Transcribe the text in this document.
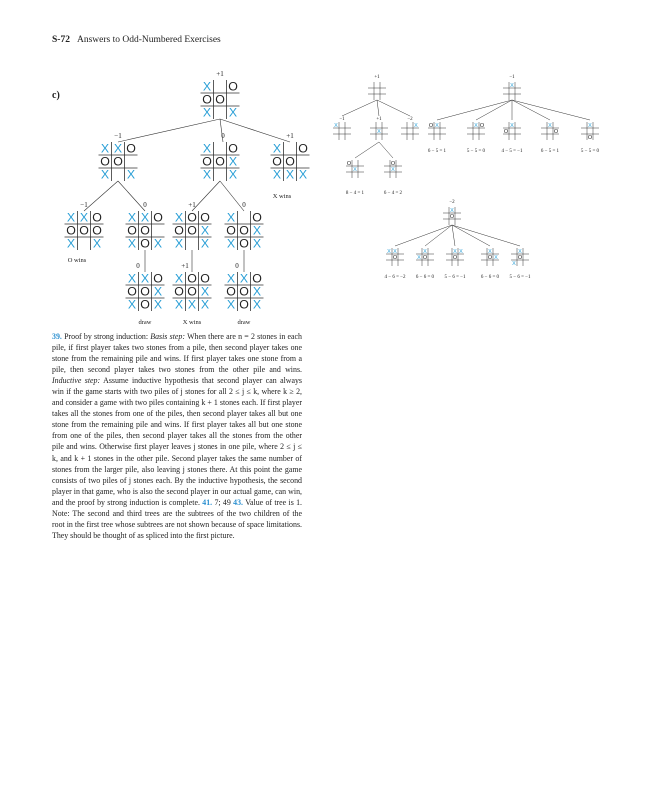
S-72 Answers to Odd-Numbered Exercises
c)
X O
O O
X X
X X O
O O
X X
X O
O O X
X X
X O
O O
X X X
X X O
O O O
X X
X X O
O O
X O X
X O O
O O X
X X
X O
O O X
X O X
X X O
O O X
X O X
X O O
O O X
X X X
X X O
O O X
X O X
+1
−1	0	+1
X wins
−1	0	+1	0
O wins
0	+1	0
draw	X wins	draw
+1
−1	+1	−2
X
X
X
O
X
O
X
8 − 4 = 1	6 − 4 = 2
−1
X
X
O
6 − 5 = 1
X O
5 − 5 = 0
X
O
4 − 5 = −1
X
O
6 − 5 = 1
X
O
5 − 5 = 0
−2
X
O
X
O
X
4 − 6 = −2
X
O
X
6 − 6 = 0
X
O
X
5 − 6 = −1
X
O X
6 − 6 = 0
X
O
X
5 − 6 = −1

39. Proof by strong induction: Basis step: When there are n = 2 stones in each pile, if first player takes two stones from a pile, then second player takes one stone from the remaining pile and wins. If first player takes one stone from a pile, then second player takes two stones from the other pile and wins. Inductive step: Assume inductive hypothesis that second player can always win if the game starts with two piles of j stones for all 2 ≤ j ≤ k, where k ≥ 2, and consider a game with two piles containing k + 1 stones each. If first player takes all the stones from one of the piles, then second player takes all but one stone from the remaining pile and wins. If first player takes all but one stone from one of the piles, then second player takes all the stones from the other pile and wins. Otherwise first player leaves j stones in one pile, where 2 ≤ j ≤ k, and k + 1 stones in the other pile. Second player takes the same number of stones from the larger pile, also leaving j stones there. At this point the game consists of two piles of j stones each. By the inductive hypothesis, the second player in that game, who is also the second player in our actual game, can win, and the proof by strong induction is complete. 41. 7; 49 43. Value of tree is 1. Note: The second and third trees are the subtrees of the two children of the root in the first tree whose subtrees are not shown because of space limitations. They should be thought of as spliced into the first picture.
